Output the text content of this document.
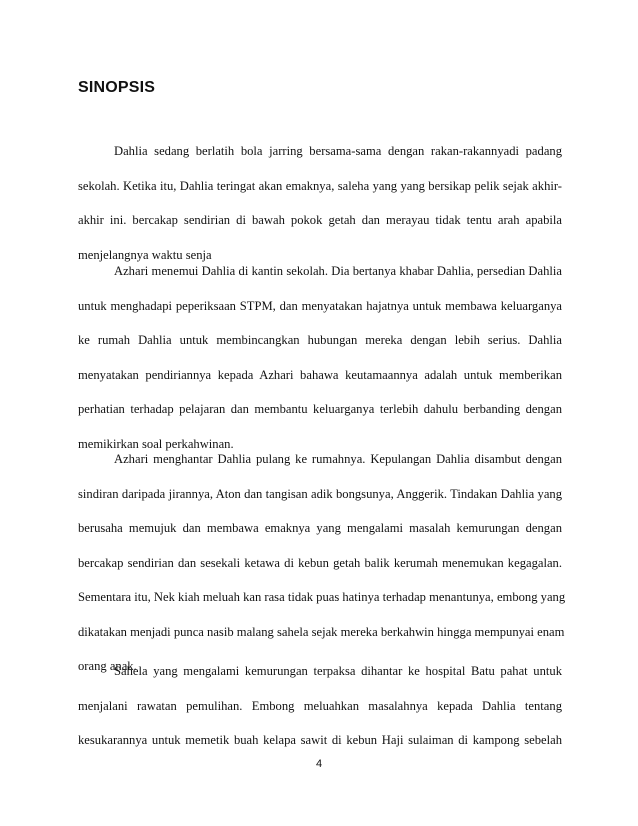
SINOPSIS
Dahlia sedang berlatih bola jarring bersama-sama dengan rakan-rakannyadi padang
sekolah. Ketika itu, Dahlia teringat akan emaknya, saleha yang yang bersikap pelik sejak akhir-
akhir ini. bercakap sendirian di bawah pokok getah dan merayau tidak tentu arah apabila
menjelangnya waktu senja
Azhari menemui Dahlia di kantin sekolah. Dia bertanya khabar Dahlia, persedian Dahlia
untuk menghadapi peperiksaan STPM, dan menyatakan hajatnya untuk membawa keluarganya
ke rumah Dahlia untuk membincangkan hubungan mereka dengan lebih serius. Dahlia
menyatakan pendiriannya kepada Azhari bahawa keutamaannya adalah untuk memberikan
perhatian terhadap pelajaran dan membantu keluarganya terlebih dahulu berbanding dengan
memikirkan soal perkahwinan.
Azhari menghantar Dahlia pulang ke rumahnya. Kepulangan Dahlia disambut dengan
sindiran daripada jirannya, Aton dan tangisan adik bongsunya, Anggerik. Tindakan Dahlia yang
berusaha memujuk dan membawa emaknya yang mengalami masalah kemurungan dengan
bercakap sendirian dan sesekali ketawa di kebun getah balik kerumah menemukan kegagalan.
Sementara itu, Nek kiah meluah kan rasa tidak puas hatinya terhadap menantunya, embong yang
dikatakan menjadi punca nasib malang sahela sejak mereka berkahwin hingga mempunyai enam
orang anak.
Sahela yang mengalami kemurungan terpaksa dihantar ke hospital Batu pahat untuk
menjalani rawatan pemulihan. Embong meluahkan masalahnya kepada Dahlia tentang
kesukarannya untuk memetik buah kelapa sawit di kebun Haji sulaiman di kampong sebelah
4
